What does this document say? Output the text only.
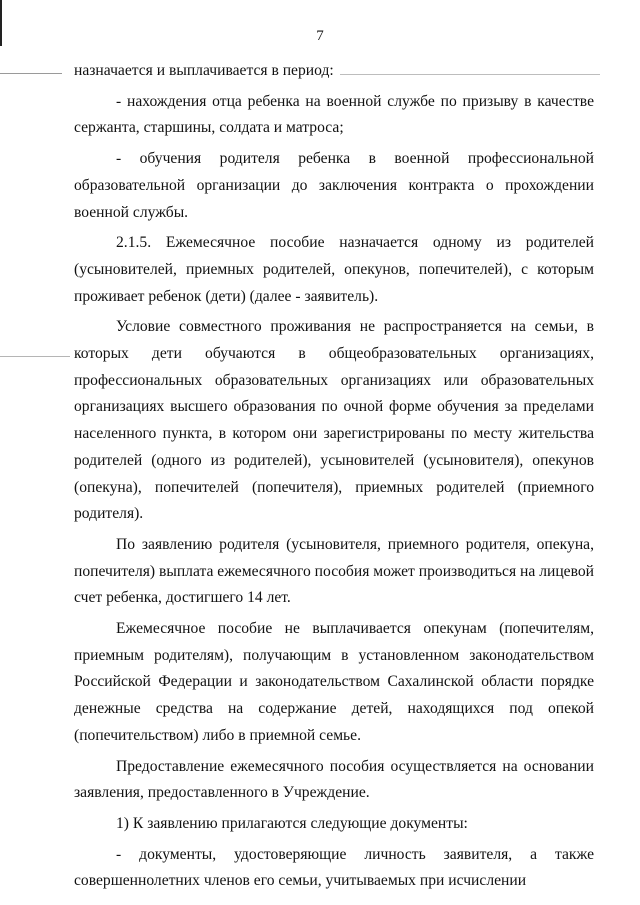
7

назначается и выплачивается в период:

- нахождения отца ребенка на военной службе по призыву в качестве сержанта, старшины, солдата и матроса;

- обучения родителя ребенка в военной профессиональной образовательной организации до заключения контракта о прохождении военной службы.

2.1.5. Ежемесячное пособие назначается одному из родителей (усыновителей, приемных родителей, опекунов, попечителей), с которым проживает ребенок (дети) (далее - заявитель).

Условие совместного проживания не распространяется на семьи, в которых дети обучаются в общеобразовательных организациях, профессиональных образовательных организациях или образовательных организациях высшего образования по очной форме обучения за пределами населенного пункта, в котором они зарегистрированы по месту жительства родителей (одного из родителей), усыновителей (усыновителя), опекунов (опекуна), попечителей (попечителя), приемных родителей (приемного родителя).

По заявлению родителя (усыновителя, приемного родителя, опекуна, попечителя) выплата ежемесячного пособия может производиться на лицевой счет ребенка, достигшего 14 лет.

Ежемесячное пособие не выплачивается опекунам (попечителям, приемным родителям), получающим в установленном законодательством Российской Федерации и законодательством Сахалинской области порядке денежные средства на содержание детей, находящихся под опекой (попечительством) либо в приемной семье.

Предоставление ежемесячного пособия осуществляется на основании заявления, предоставленного в Учреждение.

1) К заявлению прилагаются следующие документы:

- документы, удостоверяющие личность заявителя, а также совершеннолетних членов его семьи, учитываемых при исчислении
